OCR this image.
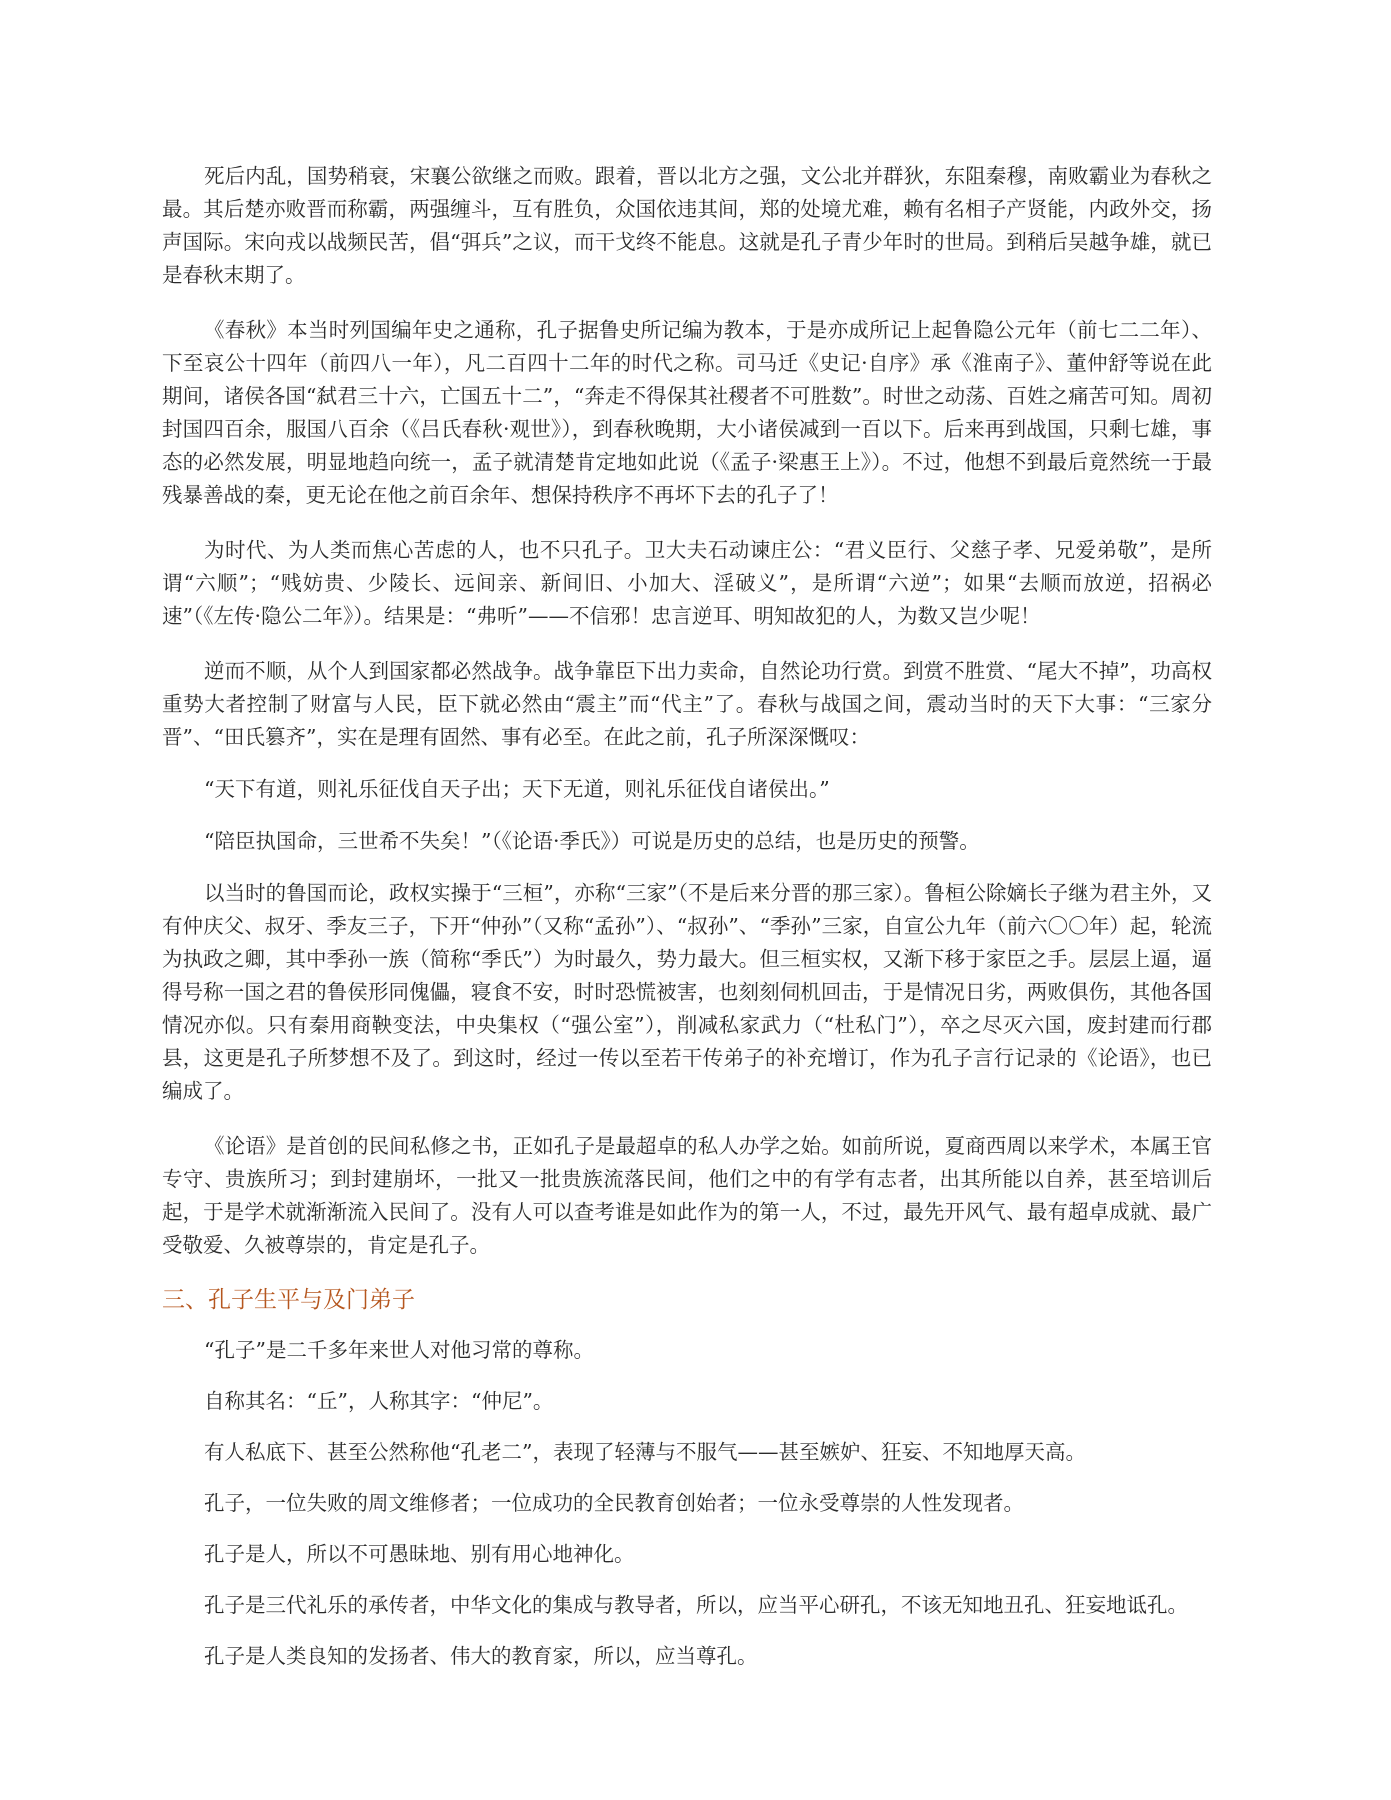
死后内乱，国势稍衰，宋襄公欲继之而败。跟着，晋以北方之强，文公北并群狄，东阻秦穆，南败霸业为春秋之最。其后楚亦败晋而称霸，两强缠斗，互有胜负，众国依违其间，郑的处境尤难，赖有名相子产贤能，内政外交，扬声国际。宋向戎以战频民苦，倡“弭兵”之议，而干戈终不能息。这就是孔子青少年时的世局。到稍后吴越争雄，就已是春秋末期了。

《春秋》本当时列国编年史之通称，孔子据鲁史所记编为教本，于是亦成所记上起鲁隐公元年（前七二二年）、下至哀公十四年（前四八一年），凡二百四十二年的时代之称。司马迁《史记·自序》承《淮南子》、董仲舒等说在此期间，诸侯各国“弑君三十六，亡国五十二”，“奔走不得保其社稷者不可胜数”。时世之动荡、百姓之痛苦可知。周初封国四百余，服国八百余（《吕氏春秋·观世》），到春秋晚期，大小诸侯减到一百以下。后来再到战国，只剩七雄，事态的必然发展，明显地趋向统一，孟子就清楚肯定地如此说（《孟子·梁惠王上》）。不过，他想不到最后竟然统一于最残暴善战的秦，更无论在他之前百余年、想保持秩序不再坏下去的孔子了！

为时代、为人类而焦心苦虑的人，也不只孔子。卫大夫石动谏庄公：“君义臣行、父慈子孝、兄爱弟敬”，是所谓“六顺”；“贱妨贵、少陵长、远间亲、新间旧、小加大、淫破义”，是所谓“六逆”；如果“去顺而放逆，招祸必速”（《左传·隐公二年》）。结果是：“弗听”——不信邪！忠言逆耳、明知故犯的人，为数又岂少呢！

逆而不顺，从个人到国家都必然战争。战争靠臣下出力卖命，自然论功行赏。到赏不胜赏、“尾大不掉”，功高权重势大者控制了财富与人民，臣下就必然由“震主”而“代主”了。春秋与战国之间，震动当时的天下大事：“三家分晋”、“田氏篡齐”，实在是理有固然、事有必至。在此之前，孔子所深深慨叹：

“天下有道，则礼乐征伐自天子出；天下无道，则礼乐征伐自诸侯出。”

“陪臣执国命，三世希不失矣！”（《论语·季氏》）可说是历史的总结，也是历史的预警。

以当时的鲁国而论，政权实操于“三桓”，亦称“三家”（不是后来分晋的那三家）。鲁桓公除嫡长子继为君主外，又有仲庆父、叔牙、季友三子，下开“仲孙”（又称“孟孙”）、“叔孙”、“季孙”三家，自宣公九年（前六〇〇年）起，轮流为执政之卿，其中季孙一族（简称“季氏”）为时最久，势力最大。但三桓实权，又渐下移于家臣之手。层层上逼，逼得号称一国之君的鲁侯形同傀儡，寝食不安，时时恐慌被害，也刻刻伺机回击，于是情况日劣，两败俱伤，其他各国情况亦似。只有秦用商鞅变法，中央集权（“强公室”），削减私家武力（“杜私门”），卒之尽灭六国，废封建而行郡县，这更是孔子所梦想不及了。到这时，经过一传以至若干传弟子的补充增订，作为孔子言行记录的《论语》，也已编成了。

《论语》是首创的民间私修之书，正如孔子是最超卓的私人办学之始。如前所说，夏商西周以来学术，本属王官专守、贵族所习；到封建崩坏，一批又一批贵族流落民间，他们之中的有学有志者，出其所能以自养，甚至培训后起，于是学术就渐渐流入民间了。没有人可以查考谁是如此作为的第一人，不过，最先开风气、最有超卓成就、最广受敬爱、久被尊崇的，肯定是孔子。

三、孔子生平与及门弟子

“孔子”是二千多年来世人对他习常的尊称。

自称其名：“丘”，人称其字：“仲尼”。

有人私底下、甚至公然称他“孔老二”，表现了轻薄与不服气——甚至嫉妒、狂妄、不知地厚天高。

孔子，一位失败的周文维修者；一位成功的全民教育创始者；一位永受尊崇的人性发现者。

孔子是人，所以不可愚昧地、别有用心地神化。

孔子是三代礼乐的承传者，中华文化的集成与教导者，所以，应当平心研孔，不该无知地丑孔、狂妄地诋孔。

孔子是人类良知的发扬者、伟大的教育家，所以，应当尊孔。
